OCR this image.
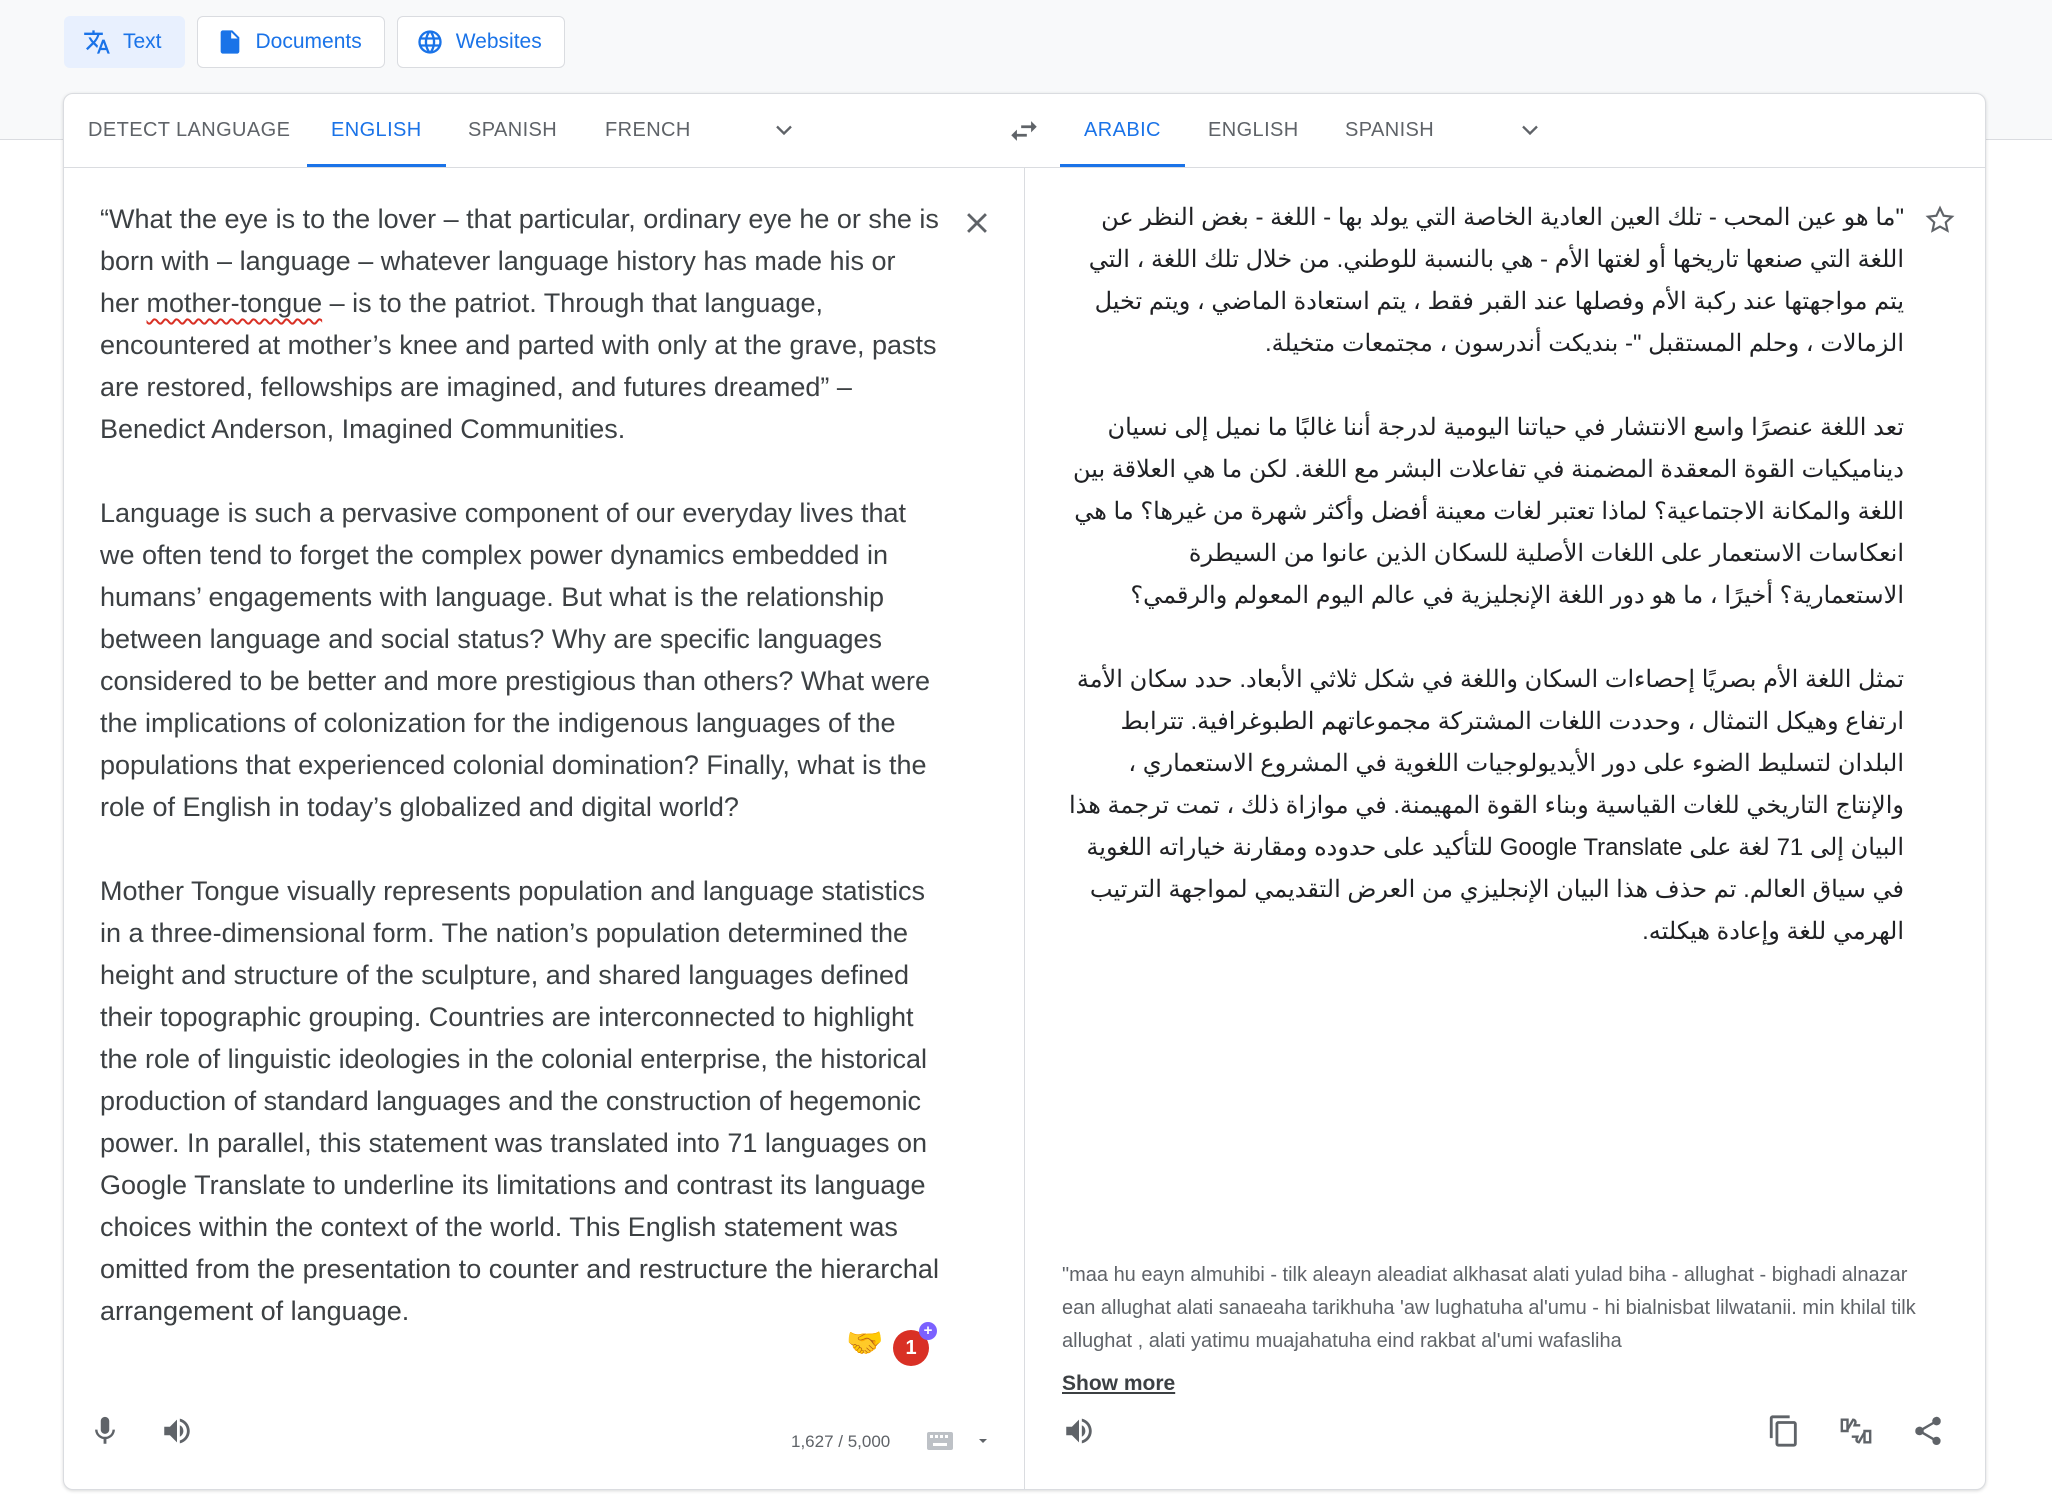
Text	Documents	Websites
DETECT LANGUAGE ENGLISH SPANISH FRENCH	ARABIC ENGLISH SPANISH

“What the eye is to the lover – that particular, ordinary eye he or she is born with – language – whatever language history has made his or her mother-tongue – is to the patriot. Through that language, encountered at mother’s knee and parted with only at the grave, pasts are restored, fellowships are imagined, and futures dreamed” – Benedict Anderson, Imagined Communities.

Language is such a pervasive component of our everyday lives that we often tend to forget the complex power dynamics embedded in humans’ engagements with language. But what is the relationship between language and social status? Why are specific languages considered to be better and more prestigious than others? What were the implications of colonization for the indigenous languages of the populations that experienced colonial domination? Finally, what is the role of English in today’s globalized and digital world?

Mother Tongue visually represents population and language statistics in a three-dimensional form. The nation’s population determined the height and structure of the sculpture, and shared languages defined their topographic grouping. Countries are interconnected to highlight the role of linguistic ideologies in the colonial enterprise, the historical production of standard languages and the construction of hegemonic power. In parallel, this statement was translated into 71 languages on Google Translate to underline its limitations and contrast its language choices within the context of the world. This English statement was omitted from the presentation to counter and restructure the hierarchal arrangement of language.

🤝	1
+
1,627 / 5,000

"ما هو عين المحب - تلك العين العادية الخاصة التي يولد بها - اللغة - بغض النظر عن اللغة التي صنعها تاريخها أو لغتها الأم - هي بالنسبة للوطني. من خلال تلك اللغة ، التي يتم مواجهتها عند ركبة الأم وفصلها عند القبر فقط ، يتم استعادة الماضي ، ويتم تخيل الزمالات ، وحلم المستقبل "- بنديكت أندرسون ، مجتمعات متخيلة.

تعد اللغة عنصرًا واسع الانتشار في حياتنا اليومية لدرجة أننا غالبًا ما نميل إلى نسيان ديناميكيات القوة المعقدة المضمنة في تفاعلات البشر مع اللغة. لكن ما هي العلاقة بين اللغة والمكانة الاجتماعية؟ لماذا تعتبر لغات معينة أفضل وأكثر شهرة من غيرها؟ ما هي انعكاسات الاستعمار على اللغات الأصلية للسكان الذين عانوا من السيطرة الاستعمارية؟ أخيرًا ، ما هو دور اللغة الإنجليزية في عالم اليوم المعولم والرقمي؟

تمثل اللغة الأم بصريًا إحصاءات السكان واللغة في شكل ثلاثي الأبعاد. حدد سكان الأمة ارتفاع وهيكل التمثال ، وحددت اللغات المشتركة مجموعاتهم الطبوغرافية. تترابط البلدان لتسليط الضوء على دور الأيديولوجيات اللغوية في المشروع الاستعماري ، والإنتاج التاريخي للغات القياسية وبناء القوة المهيمنة. في موازاة ذلك ، تمت ترجمة هذا البيان إلى 71 لغة على Google Translate للتأكيد على حدوده ومقارنة خياراته اللغوية في سياق العالم. تم حذف هذا البيان الإنجليزي من العرض التقديمي لمواجهة الترتيب الهرمي للغة وإعادة هيكلته.

"maa hu eayn almuhibi - tilk aleayn aleadiat alkhasat alati yulad biha - allughat - bighadi alnazar ean allughat alati sanaeaha tarikhuha 'aw lughatuha al'umu - hi bialnisbat lilwatanii. min khilal tilk allughat , alati yatimu muajahatuha eind rakbat al'umi wafasliha
Show more
